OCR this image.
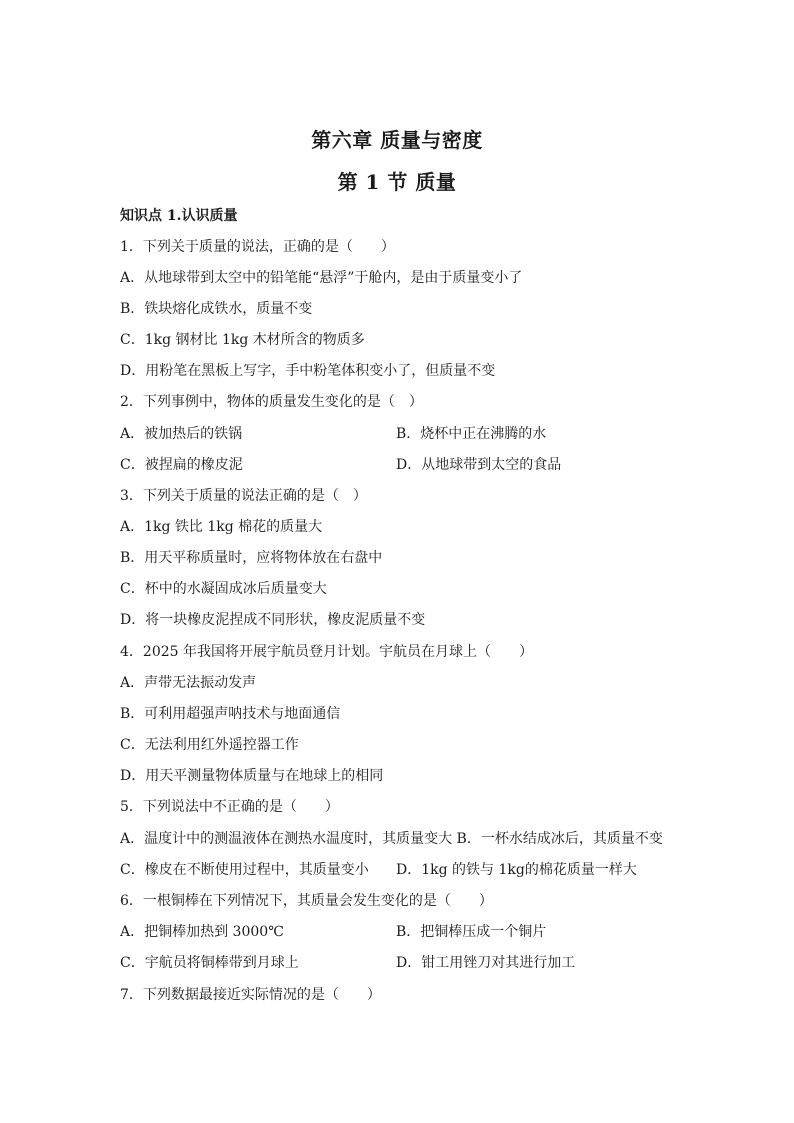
第六章 质量与密度
第 1 节 质量
知识点 1.认识质量
1．下列关于质量的说法，正确的是（　　）
A．从地球带到太空中的铅笔能“悬浮”于舱内，是由于质量变小了
B．铁块熔化成铁水，质量不变
C．1kg 钢材比 1kg 木材所含的物质多
D．用粉笔在黑板上写字，手中粉笔体积变小了，但质量不变
2．下列事例中，物体的质量发生变化的是（　）
A．被加热后的铁锅	B．烧杯中正在沸腾的水
C．被捏扁的橡皮泥	D．从地球带到太空的食品
3．下列关于质量的说法正确的是（　）
A．1kg 铁比 1kg 棉花的质量大
B．用天平称质量时，应将物体放在右盘中
C．杯中的水凝固成冰后质量变大
D．将一块橡皮泥捏成不同形状，橡皮泥质量不变
4．2025 年我国将开展宇航员登月计划。宇航员在月球上（　　）
A．声带无法振动发声
B．可利用超强声呐技术与地面通信
C．无法利用红外遥控器工作
D．用天平测量物体质量与在地球上的相同
5．下列说法中不正确的是（　　）
A．温度计中的测温液体在测热水温度时，其质量变大 B．一杯水结成冰后，其质量不变
C．橡皮在不断使用过程中，其质量变小 D．1kg 的铁与 1kg的棉花质量一样大
6．一根铜棒在下列情况下，其质量会发生变化的是（　　）
A．把铜棒加热到 3000℃	B．把铜棒压成一个铜片
C．宇航员将铜棒带到月球上	D．钳工用锉刀对其进行加工
7．下列数据最接近实际情况的是（　　）
